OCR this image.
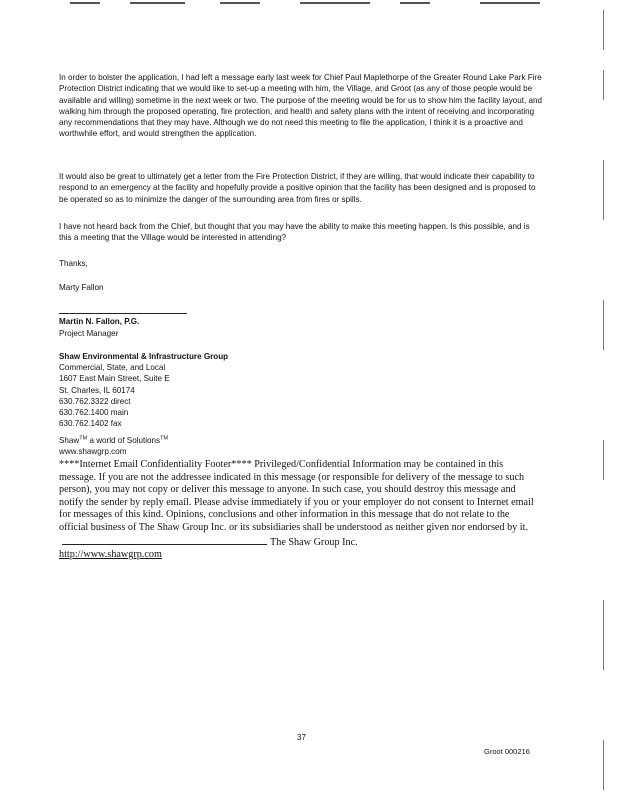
In order to bolster the application, I had left a message early last week for Chief Paul Maplethorpe of the Greater Round Lake Park Fire Protection District indicating that we would like to set-up a meeting with him, the Village, and Groot (as any of those people would be available and willing) sometime in the next week or two. The purpose of the meeting would be for us to show him the facility layout, and walking him through the proposed operating, fire protection, and health and safety plans with the intent of receiving and incorporating any recommendations that they may have. Although we do not need this meeting to file the application, I think it is a proactive and worthwhile effort, and would strengthen the application.

It would also be great to ultimately get a letter from the Fire Protection District, if they are willing, that would indicate their capability to respond to an emergency at the facility and hopefully provide a positive opinion that the facility has been designed and is proposed to be operated so as to minimize the danger of the surrounding area from fires or spills.

I have not heard back from the Chief, but thought that you may have the ability to make this meeting happen. Is this possible, and is this a meeting that the Village would be interested in attending?

Thanks,

Marty Fallon

Martin N. Fallon, P.G.

Project Manager

Shaw Environmental & Infrastructure Group

Commercial, State, and Local
1607 East Main Street, Suite E
St. Charles, IL 60174
630.762.3322 direct
630.762.1400 main
630.762.1402 fax
Shaw™ a world of Solutions™
www.shawgrp.com
****Internet Email Confidentiality Footer**** Privileged/Confidential Information may be contained in this message. If you are not the addressee indicated in this message (or responsible for delivery of the message to such person), you may not copy or deliver this message to anyone. In such case, you should destroy this message and notify the sender by reply email. Please advise immediately if you or your employer do not consent to Internet email for messages of this kind. Opinions, conclusions and other information in this message that do not relate to the official business of The Shaw Group Inc. or its subsidiaries shall be understood as neither given nor endorsed by it.The Shaw Group Inc.
http://www.shawgrp.com
37
Groot 000216
